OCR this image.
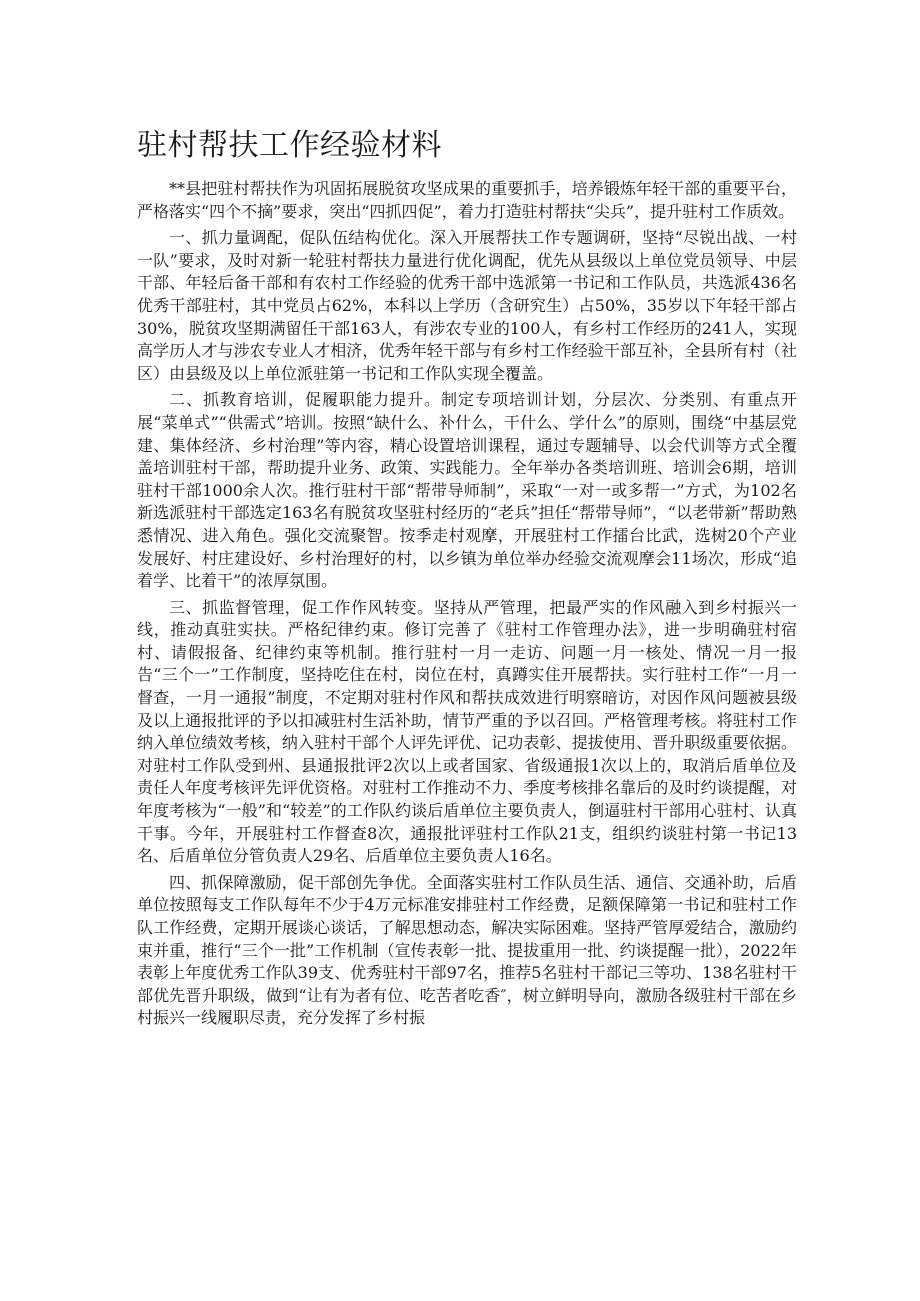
驻村帮扶工作经验材料

**县把驻村帮扶作为巩固拓展脱贫攻坚成果的重要抓手，培养锻炼年轻干部的重要平台，严格落实“四个不摘”要求，突出“四抓四促”，着力打造驻村帮扶“尖兵”，提升驻村工作质效。

一、抓力量调配，促队伍结构优化。深入开展帮扶工作专题调研，坚持“尽锐出战、一村一队”要求，及时对新一轮驻村帮扶力量进行优化调配，优先从县级以上单位党员领导、中层干部、年轻后备干部和有农村工作经验的优秀干部中选派第一书记和工作队员，共选派436名优秀干部驻村，其中党员占62%，本科以上学历（含研究生）占50%，35岁以下年轻干部占30%，脱贫攻坚期满留任干部163人，有涉农专业的100人，有乡村工作经历的241人，实现高学历人才与涉农专业人才相济，优秀年轻干部与有乡村工作经验干部互补，全县所有村（社区）由县级及以上单位派驻第一书记和工作队实现全覆盖。

二、抓教育培训，促履职能力提升。制定专项培训计划，分层次、分类别、有重点开展“菜单式”“供需式”培训。按照“缺什么、补什么，干什么、学什么”的原则，围绕“中基层党建、集体经济、乡村治理”等内容，精心设置培训课程，通过专题辅导、以会代训等方式全覆盖培训驻村干部，帮助提升业务、政策、实践能力。全年举办各类培训班、培训会6期，培训驻村干部1000余人次。推行驻村干部“帮带导师制”，采取“一对一或多帮一”方式，为102名新选派驻村干部选定163名有脱贫攻坚驻村经历的“老兵”担任“帮带导师”，“以老带新”帮助熟悉情况、进入角色。强化交流聚智。按季走村观摩，开展驻村工作擂台比武，选树20个产业发展好、村庄建设好、乡村治理好的村，以乡镇为单位举办经验交流观摩会11场次，形成“追着学、比着干”的浓厚氛围。

三、抓监督管理，促工作作风转变。坚持从严管理，把最严实的作风融入到乡村振兴一线，推动真驻实扶。严格纪律约束。修订完善了《驻村工作管理办法》，进一步明确驻村宿村、请假报备、纪律约束等机制。推行驻村一月一走访、问题一月一核处、情况一月一报告“三个一”工作制度，坚持吃住在村，岗位在村，真蹲实住开展帮扶。实行驻村工作“一月一督查，一月一通报”制度，不定期对驻村作风和帮扶成效进行明察暗访，对因作风问题被县级及以上通报批评的予以扣减驻村生活补助，情节严重的予以召回。严格管理考核。将驻村工作纳入单位绩效考核，纳入驻村干部个人评先评优、记功表彰、提拔使用、晋升职级重要依据。对驻村工作队受到州、县通报批评2次以上或者国家、省级通报1次以上的，取消后盾单位及责任人年度考核评先评优资格。对驻村工作推动不力、季度考核排名靠后的及时约谈提醒，对年度考核为“一般”和“较差”的工作队约谈后盾单位主要负责人，倒逼驻村干部用心驻村、认真干事。今年，开展驻村工作督查8次，通报批评驻村工作队21支，组织约谈驻村第一书记13名、后盾单位分管负责人29名、后盾单位主要负责人16名。

四、抓保障激励，促干部创先争优。全面落实驻村工作队员生活、通信、交通补助，后盾单位按照每支工作队每年不少于4万元标准安排驻村工作经费，足额保障第一书记和驻村工作队工作经费，定期开展谈心谈话，了解思想动态，解决实际困难。坚持严管厚爱结合，激励约束并重，推行“三个一批”工作机制（宣传表彰一批、提拔重用一批、约谈提醒一批），2022年表彰上年度优秀工作队39支、优秀驻村干部97名，推荐5名驻村干部记三等功、138名驻村干部优先晋升职级，做到“让有为者有位、吃苦者吃香″，树立鲜明导向，激励各级驻村干部在乡村振兴一线履职尽责，充分发挥了乡村振
